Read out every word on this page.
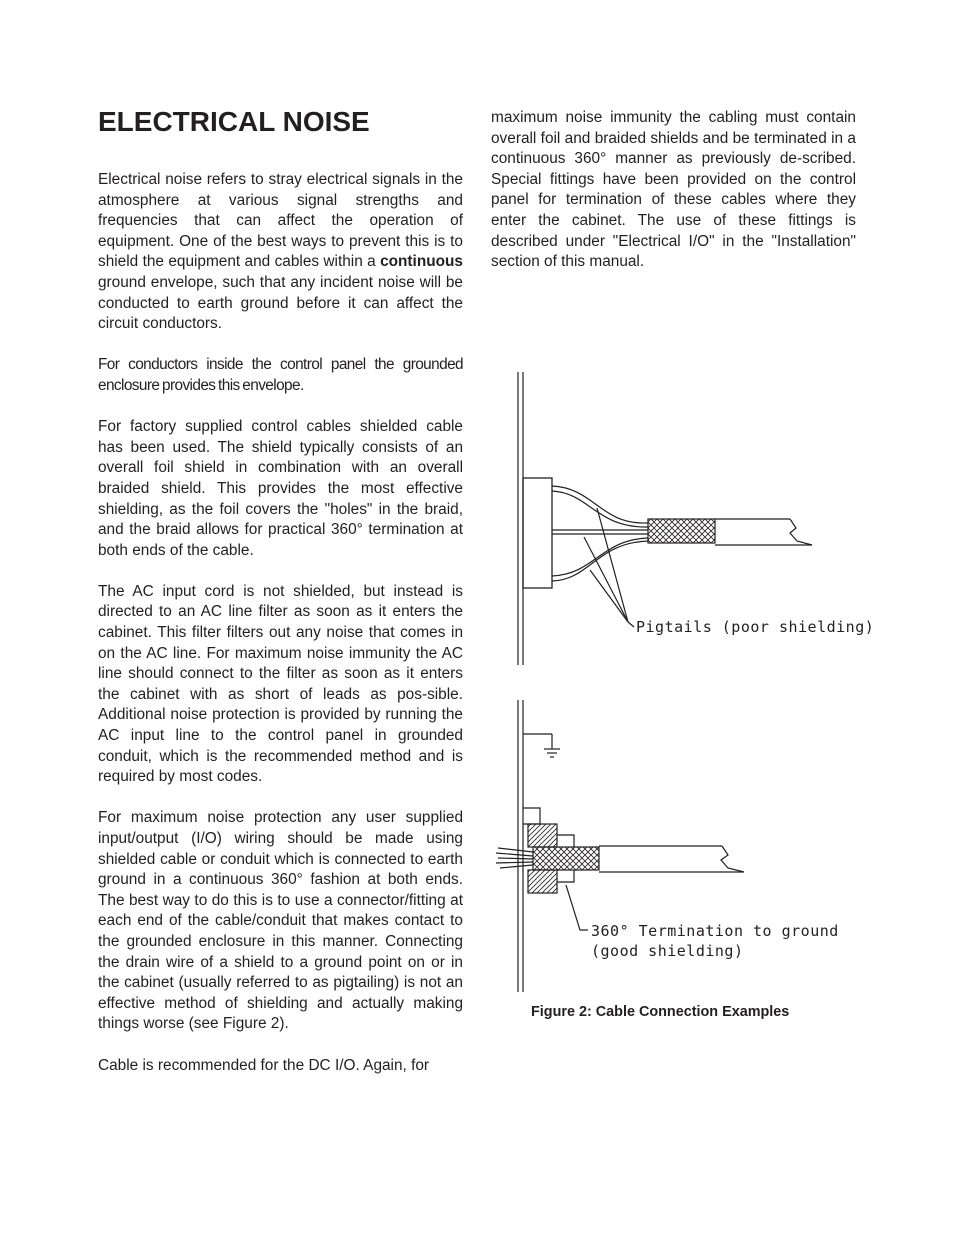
ELECTRICAL NOISE

Electrical noise refers to stray electrical signals in the atmosphere at various signal strengths and frequencies that can affect the operation of equipment. One of the best ways to prevent this is to shield the equipment and cables within a continuous ground envelope, such that any incident noise will be conducted to earth ground before it can affect the circuit conductors.

For conductors inside the control panel the grounded enclosure provides this envelope.

For factory supplied control cables shielded cable has been used. The shield typically consists of an overall foil shield in combination with an overall braided shield. This provides the most effective shielding, as the foil covers the "holes" in the braid, and the braid allows for practical 360° termination at both ends of the cable.

The AC input cord is not shielded, but instead is directed to an AC line filter as soon as it enters the cabinet. This filter filters out any noise that comes in on the AC line. For maximum noise immunity the AC line should connect to the filter as soon as it enters the cabinet with as short of leads as pos-sible. Additional noise protection is provided by running the AC input line to the control panel in grounded conduit, which is the recommended method and is required by most codes.

For maximum noise protection any user supplied input/output (I/O) wiring should be made using shielded cable or conduit which is connected to earth ground in a continuous 360° fashion at both ends. The best way to do this is to use a connector/fitting at each end of the cable/conduit that makes contact to the grounded enclosure in this manner. Connecting the drain wire of a shield to a ground point on or in the cabinet (usually referred to as pigtailing) is not an effective method of shielding and actually making things worse (see Figure 2).

Cable is recommended for the DC I/O. Again, for

maximum noise immunity the cabling must contain overall foil and braided shields and be terminated in a continuous 360° manner as previously de-scribed. Special fittings have been provided on the control panel for termination of these cables where they enter the cabinet. The use of these fittings is described under "Electrical I/O" in the "Installation" section of this manual.

Pigtails (poor shielding)
360° Termination to ground
(good shielding)

Figure 2: Cable Connection Examples
